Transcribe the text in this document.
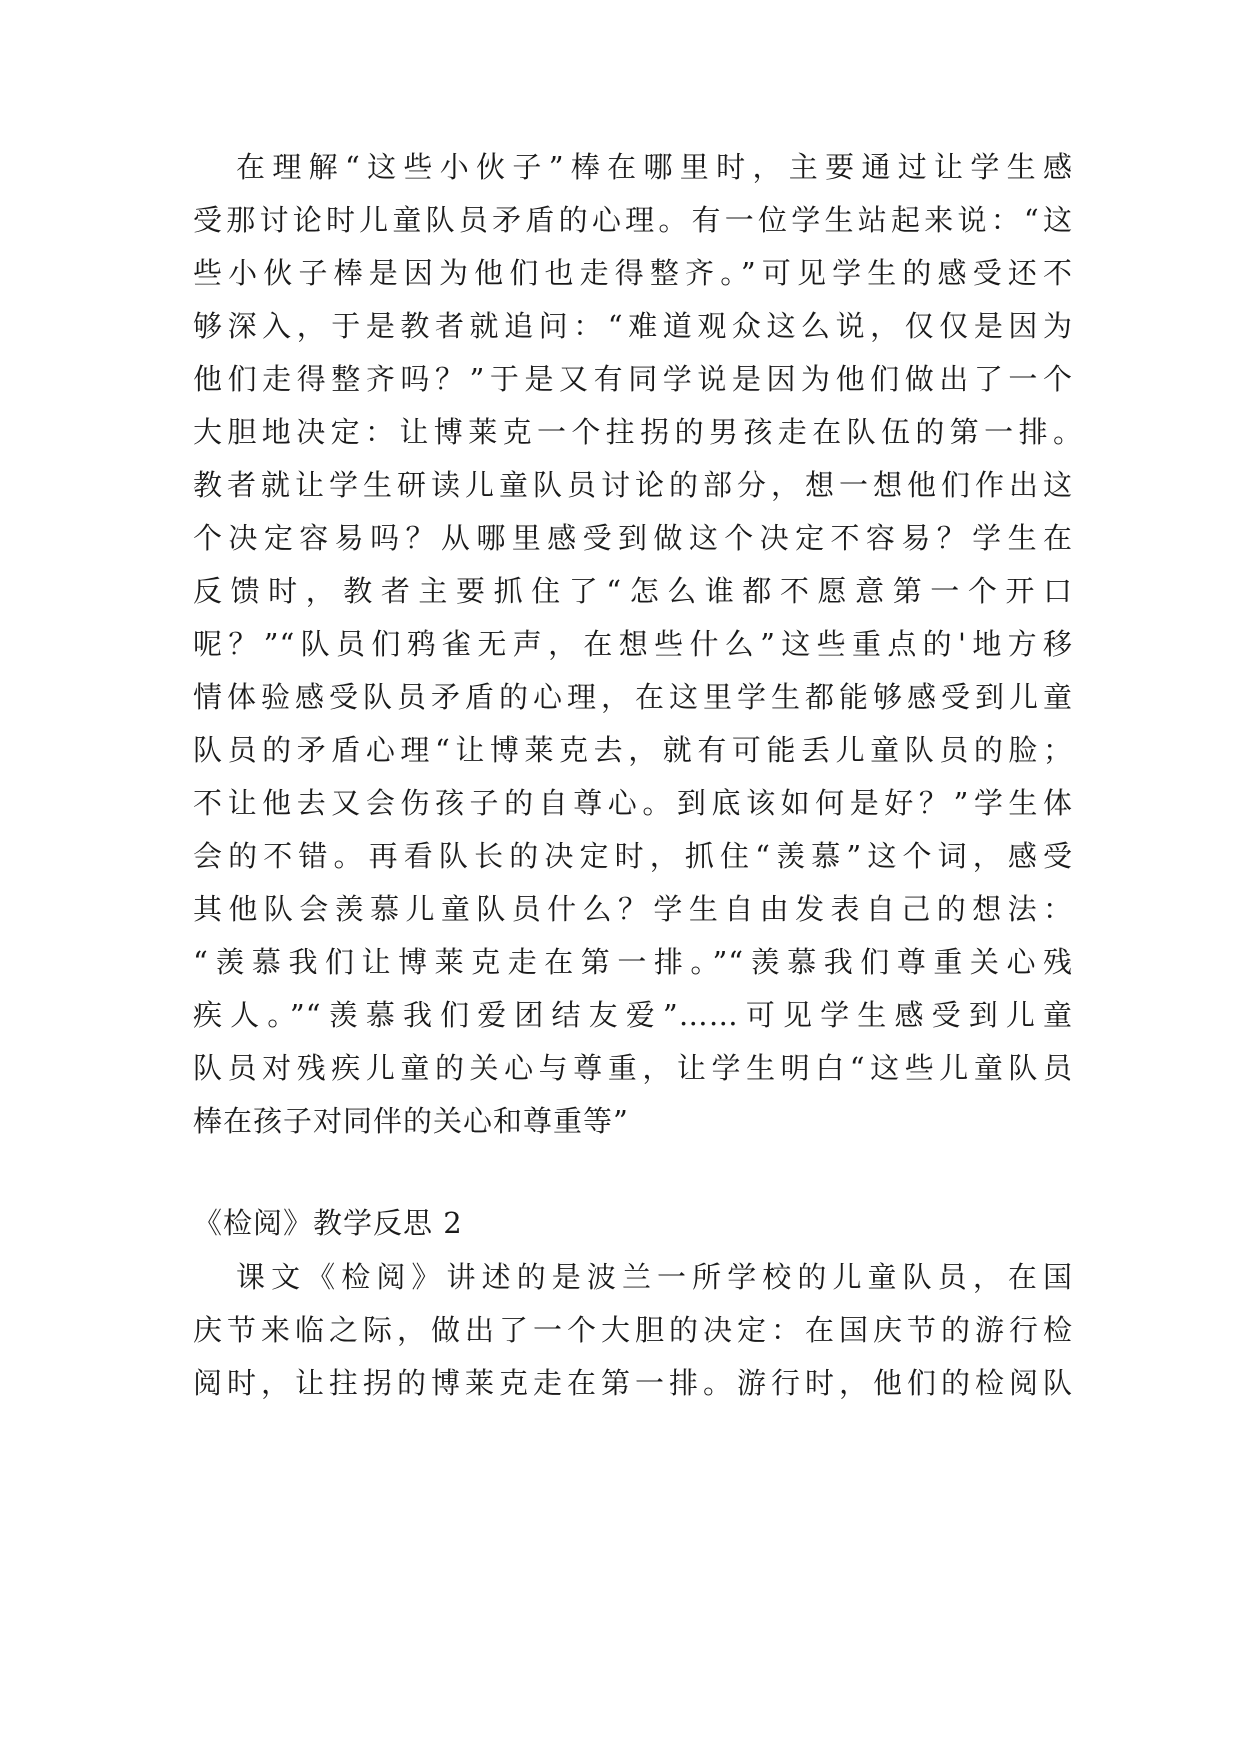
在理解“这些小伙子”棒在哪里时，主要通过让学生感
受那讨论时儿童队员矛盾的心理。有一位学生站起来说：“这
些小伙子棒是因为他们也走得整齐。”可见学生的感受还不
够深入，于是教者就追问：“难道观众这么说，仅仅是因为
他们走得整齐吗？”于是又有同学说是因为他们做出了一个
大胆地决定：让博莱克一个拄拐的男孩走在队伍的第一排。
教者就让学生研读儿童队员讨论的部分，想一想他们作出这
个决定容易吗？从哪里感受到做这个决定不容易？学生在
反馈时，教者主要抓住了“怎么谁都不愿意第一个开口
呢？”“队员们鸦雀无声，在想些什么”这些重点的'地方移
情体验感受队员矛盾的心理，在这里学生都能够感受到儿童
队员的矛盾心理“让博莱克去，就有可能丢儿童队员的脸；
不让他去又会伤孩子的自尊心。到底该如何是好？”学生体
会的不错。再看队长的决定时，抓住“羡慕”这个词，感受
其他队会羡慕儿童队员什么？学生自由发表自己的想法：
“羡慕我们让博莱克走在第一排。”“羡慕我们尊重关心残
疾人。”“羡慕我们爱团结友爱”……可见学生感受到儿童
队员对残疾儿童的关心与尊重，让学生明白“这些儿童队员
棒在孩子对同伴的关心和尊重等”
《检阅》教学反思 2
课文《检阅》讲述的是波兰一所学校的儿童队员，在国
庆节来临之际，做出了一个大胆的决定：在国庆节的游行检
阅时，让拄拐的博莱克走在第一排。游行时，他们的检阅队
